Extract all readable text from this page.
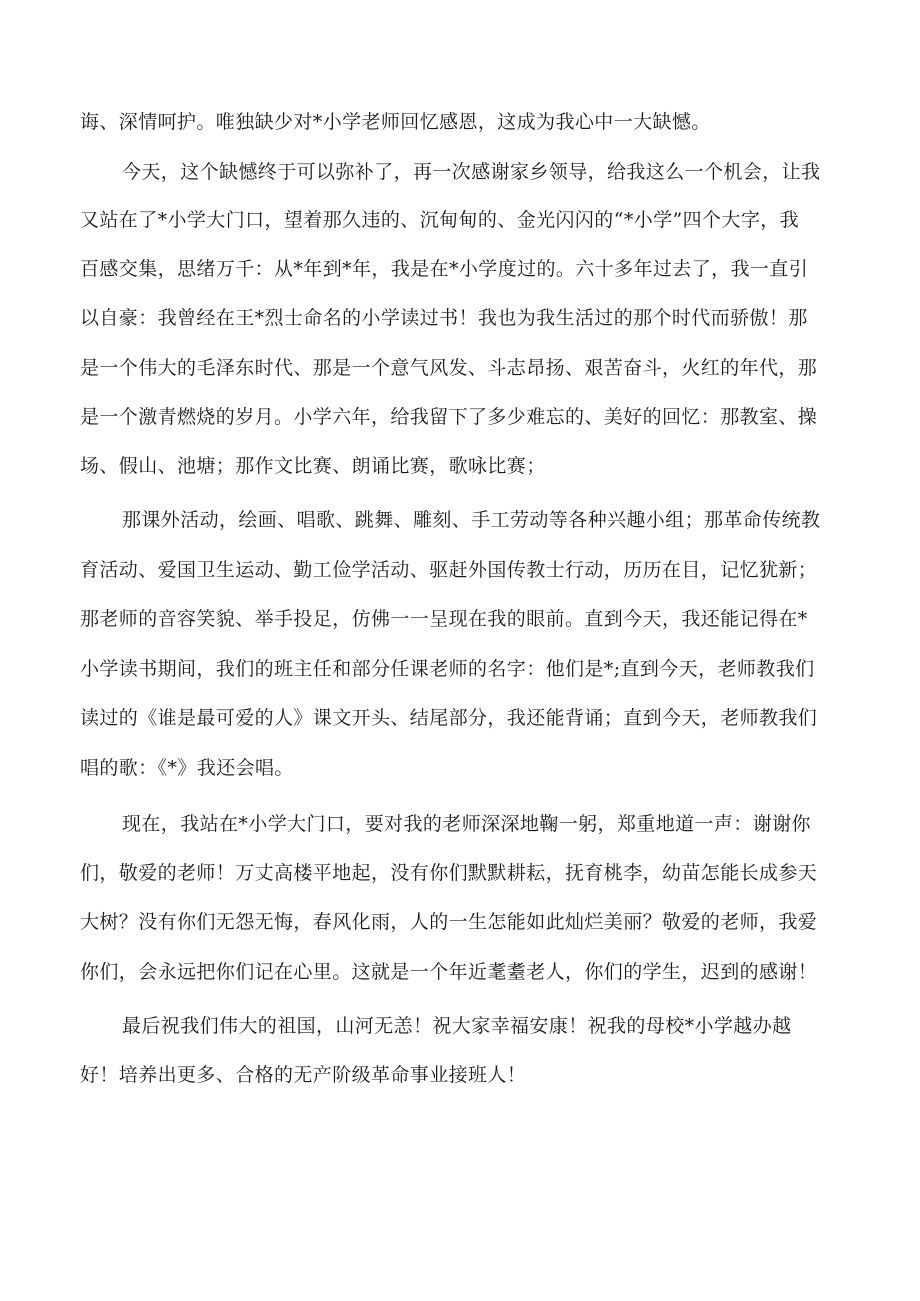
诲、深情呵护。唯独缺少对*小学老师回忆感恩，这成为我心中一大缺憾。
今天，这个缺憾终于可以弥补了，再一次感谢家乡领导，给我这么一个机会，让我
又站在了*小学大门口，望着那久违的、沉甸甸的、金光闪闪的“*小学”四个大字，我
百感交集，思绪万千：从*年到*年，我是在*小学度过的。六十多年过去了，我一直引
以自豪：我曾经在王*烈士命名的小学读过书！我也为我生活过的那个时代而骄傲！那
是一个伟大的毛泽东时代、那是一个意气风发、斗志昂扬、艰苦奋斗，火红的年代，那
是一个激青燃烧的岁月。小学六年，给我留下了多少难忘的、美好的回忆：那教室、操
场、假山、池塘；那作文比赛、朗诵比赛，歌咏比赛；
那课外活动，绘画、唱歌、跳舞、雕刻、手工劳动等各种兴趣小组；那革命传统教
育活动、爱国卫生运动、勤工俭学活动、驱赶外国传教士行动，历历在目，记忆犹新；
那老师的音容笑貌、举手投足，仿佛一一呈现在我的眼前。直到今天，我还能记得在*
小学读书期间，我们的班主任和部分任课老师的名字：他们是*;直到今天，老师教我们
读过的《谁是最可爱的人》课文开头、结尾部分，我还能背诵；直到今天，老师教我们
唱的歌：《*》我还会唱。
现在，我站在*小学大门口，要对我的老师深深地鞠一躬，郑重地道一声：谢谢你
们，敬爱的老师！万丈高楼平地起，没有你们默默耕耘，抚育桃李，幼苗怎能长成参天
大树？没有你们无怨无悔，春风化雨，人的一生怎能如此灿烂美丽？敬爱的老师，我爱
你们，会永远把你们记在心里。这就是一个年近耄耋老人，你们的学生，迟到的感谢！
最后祝我们伟大的祖国，山河无恙！祝大家幸福安康！祝我的母校*小学越办越
好！培养出更多、合格的无产阶级革命事业接班人！
